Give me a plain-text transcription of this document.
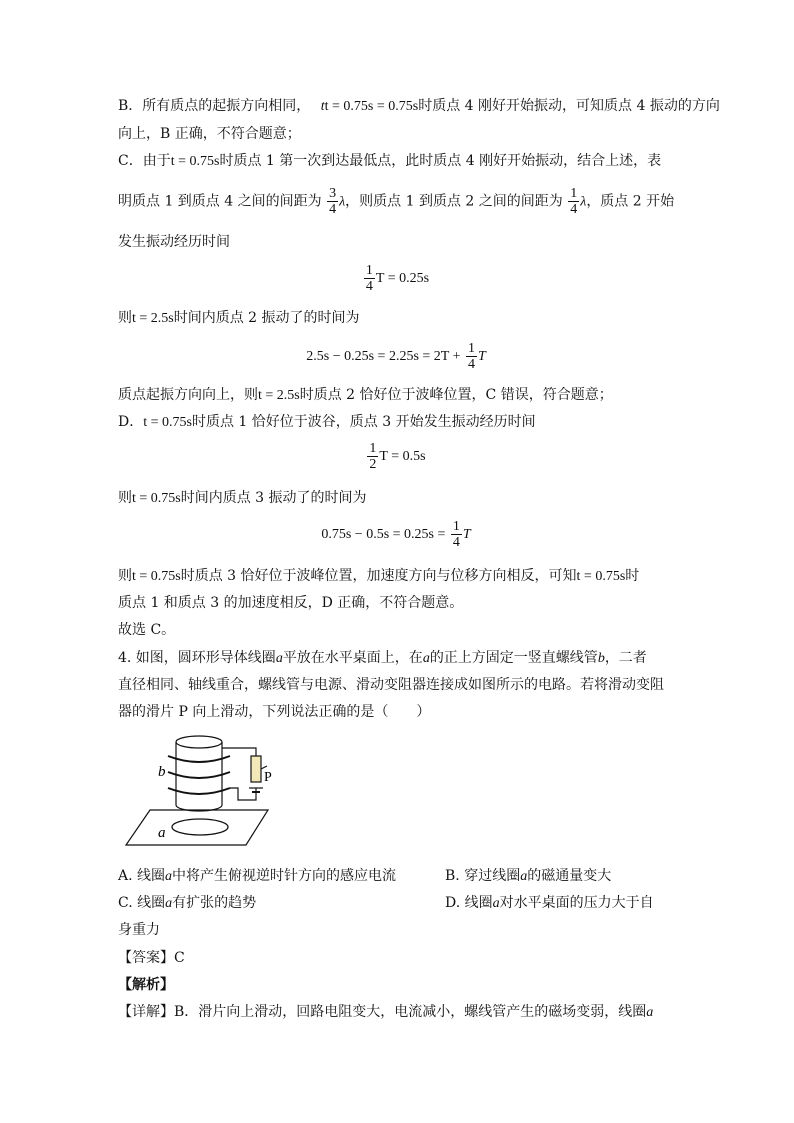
B．所有质点的起振方向相同， tt = 0.75s = 0.75s时质点 4 刚好开始振动，可知质点 4 振动的方向
向上，B 正确，不符合题意；
C．由于t = 0.75s时质点 1 第一次到达最低点，此时质点 4 刚好开始振动，结合上述，表
明质点 1 到质点 4 之间的间距为 $\frac{3}{4}$ λ，则质点 1 到质点 2 之间的间距为 $\frac{1}{4}$ λ，质点 2 开始
发生振动经历时间
$\frac{1}{4}$ T = 0.25s
则t = 2.5s时间内质点 2 振动了的时间为
$2.5s - 0.25s = 2.25s = 2T + \frac{1}{4}$ T
质点起振方向向上，则t = 2.5s时质点 2 恰好位于波峰位置，C 错误，符合题意；
D．t = 0.75s时质点 1 恰好位于波谷，质点 3 开始发生振动经历时间
$\frac{1}{2}$ T = 0.5s
则t = 0.75s时间内质点 3 振动了的时间为
$0.75s - 0.5s = 0.25s = \frac{1}{4}$ T
则t = 0.75s时质点 3 恰好位于波峰位置，加速度方向与位移方向相反，可知t = 0.75s时
质点 1 和质点 3 的加速度相反，D 正确，不符合题意。
故选 C。
4. 如图，圆环形导体线圈a平放在水平桌面上，在a的正上方固定一竖直螺线管b，二者
直径相同、轴线重合，螺线管与电源、滑动变阻器连接成如图所示的电路。若将滑动变阻
器的滑片 P 向上滑动，下列说法正确的是（　　）
b
a
P
A. 线圈a中将产生俯视逆时针方向的感应电流	B. 穿过线圈a的磁通量变大
C. 线圈a有扩张的趋势	D. 线圈a对水平桌面的压力大于自
身重力
【答案】C
【解析】
【详解】B．滑片向上滑动，回路电阻变大，电流减小，螺线管产生的磁场变弱，线圈a
